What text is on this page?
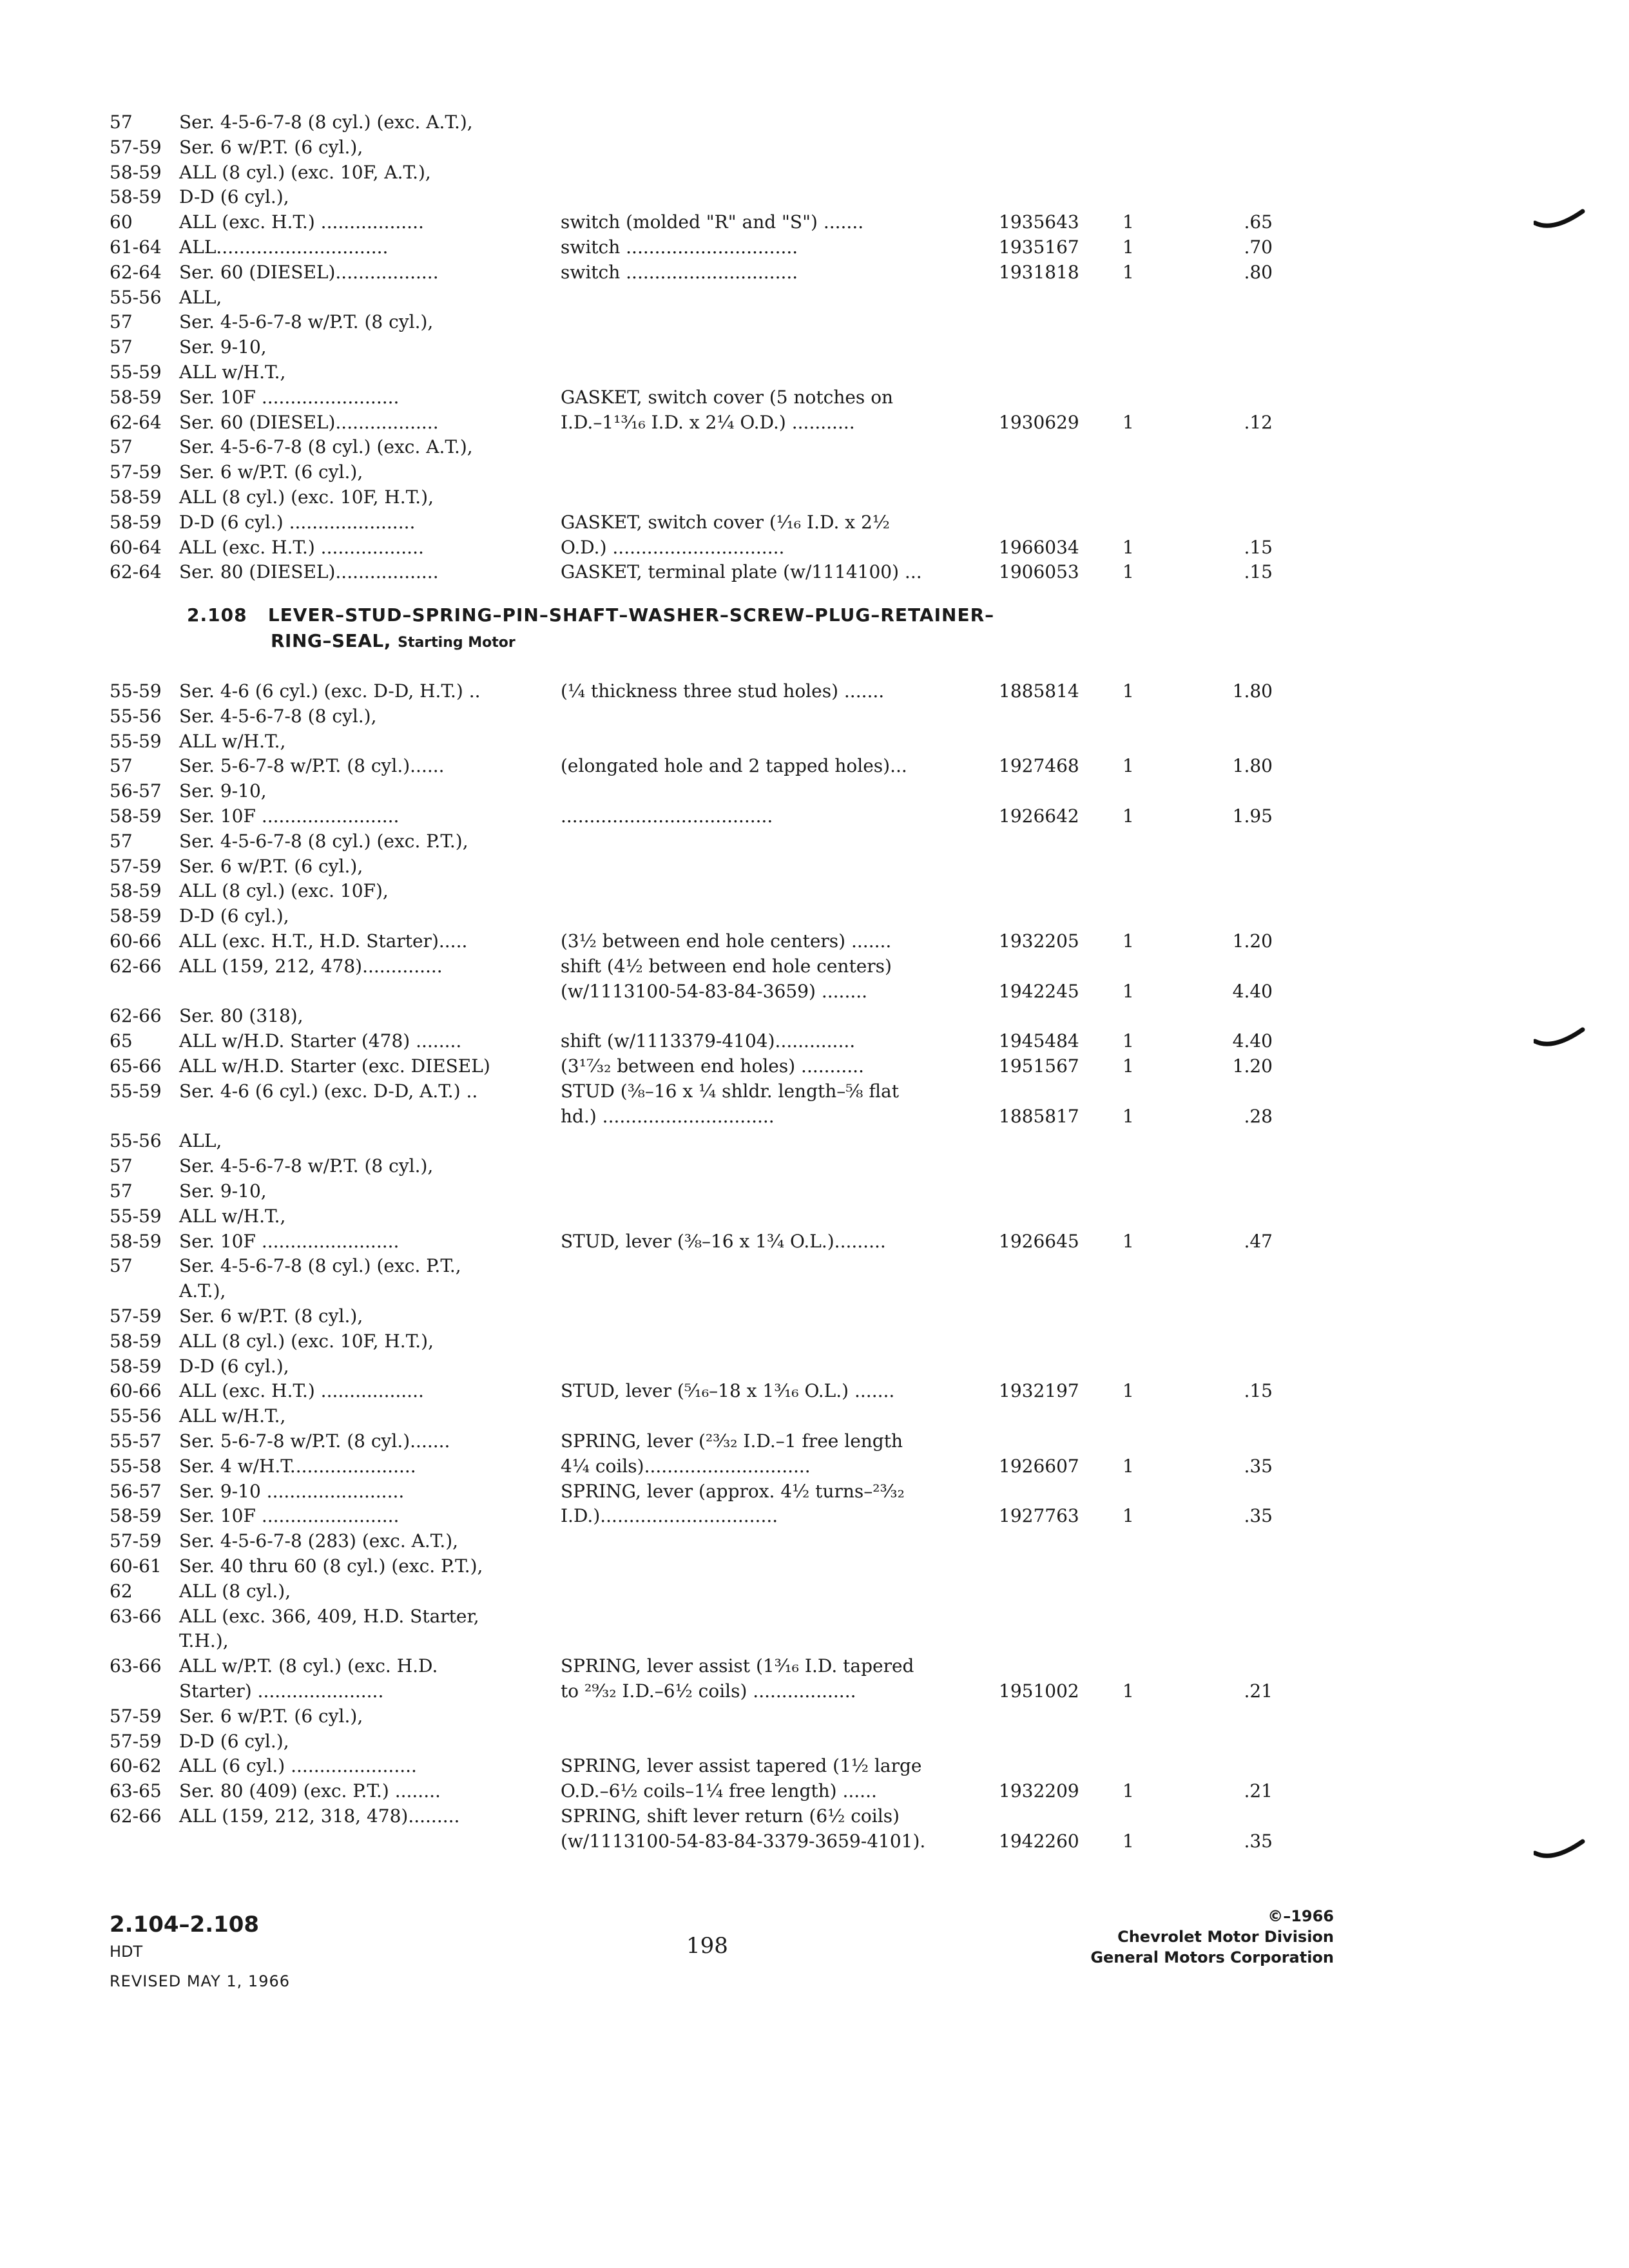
57	Ser. 4-5-6-7-8 (8 cyl.) (exc. A.T.),
57-59 Ser. 6 w/P.T. (6 cyl.),
58-59 ALL (8 cyl.) (exc. 10F, A.T.),
58-59 D-D (6 cyl.),
60	ALL (exc. H.T.) ..................	switch (molded "R" and "S") .......	1935643 1	.65
61-64 ALL..............................	switch ..............................	1935167 1	.70
62-64 Ser. 60 (DIESEL)..................	switch ..............................	1931818 1	.80
55-56 ALL,
57	Ser. 4-5-6-7-8 w/P.T. (8 cyl.),
57	Ser. 9-10,
55-59 ALL w/H.T.,
58-59 Ser. 10F ........................	GASKET, switch cover (5 notches on
62-64 Ser. 60 (DIESEL)..................	I.D.–1¹³⁄₁₆ I.D. x 2¼ O.D.) ...........	1930629 1	.12
57	Ser. 4-5-6-7-8 (8 cyl.) (exc. A.T.),
57-59 Ser. 6 w/P.T. (6 cyl.),
58-59 ALL (8 cyl.) (exc. 10F, H.T.),
58-59 D-D (6 cyl.) ......................	GASKET, switch cover (¹⁄₁₆ I.D. x 2½
60-64 ALL (exc. H.T.) ..................	O.D.) ..............................	1966034 1	.15
62-64 Ser. 80 (DIESEL)..................	GASKET, terminal plate (w/1114100) ...	1906053 1	.15
55-59 Ser. 4-6 (6 cyl.) (exc. D-D, H.T.) ..	(¼ thickness three stud holes) .......	1885814 1	1.80
55-56 Ser. 4-5-6-7-8 (8 cyl.),
55-59 ALL w/H.T.,
57	Ser. 5-6-7-8 w/P.T. (8 cyl.)......	(elongated hole and 2 tapped holes)...	1927468 1	1.80
56-57 Ser. 9-10,
58-59 Ser. 10F ........................	.....................................	1926642 1	1.95
57	Ser. 4-5-6-7-8 (8 cyl.) (exc. P.T.),
57-59 Ser. 6 w/P.T. (6 cyl.),
58-59 ALL (8 cyl.) (exc. 10F),
58-59 D-D (6 cyl.),
60-66 ALL (exc. H.T., H.D. Starter).....	(3½ between end hole centers) .......	1932205 1	1.20
62-66 ALL (159, 212, 478)..............	shift (4½ between end hole centers)
(w/1113100-54-83-84-3659) ........	1942245 1	4.40
62-66 Ser. 80 (318),
65	ALL w/H.D. Starter (478) ........	shift (w/1113379-4104)..............	1945484 1	4.40
65-66 ALL w/H.D. Starter (exc. DIESEL)	(3¹⁷⁄₃₂ between end holes) ...........	1951567 1	1.20
55-59 Ser. 4-6 (6 cyl.) (exc. D-D, A.T.) ..	STUD (⅜–16 x ¼ shldr. length–⅝ flat
hd.) ..............................	1885817 1	.28
55-56 ALL,
57	Ser. 4-5-6-7-8 w/P.T. (8 cyl.),
57	Ser. 9-10,
55-59 ALL w/H.T.,
58-59 Ser. 10F ........................	STUD, lever (⅜–16 x 1¾ O.L.).........	1926645 1	.47
57	Ser. 4-5-6-7-8 (8 cyl.) (exc. P.T.,
A.T.),
57-59 Ser. 6 w/P.T. (8 cyl.),
58-59 ALL (8 cyl.) (exc. 10F, H.T.),
58-59 D-D (6 cyl.),
60-66 ALL (exc. H.T.) ..................	STUD, lever (⁵⁄₁₆–18 x 1³⁄₁₆ O.L.) .......	1932197 1	.15
55-56 ALL w/H.T.,
55-57 Ser. 5-6-7-8 w/P.T. (8 cyl.).......	SPRING, lever (²³⁄₃₂ I.D.–1 free length
55-58 Ser. 4 w/H.T......................	4¼ coils).............................	1926607 1	.35
56-57 Ser. 9-10 ........................	SPRING, lever (approx. 4½ turns–²³⁄₃₂
58-59 Ser. 10F ........................	I.D.)...............................	1927763 1	.35
57-59 Ser. 4-5-6-7-8 (283) (exc. A.T.),
60-61 Ser. 40 thru 60 (8 cyl.) (exc. P.T.),
62	ALL (8 cyl.),
63-66 ALL (exc. 366, 409, H.D. Starter,
T.H.),
63-66 ALL w/P.T. (8 cyl.) (exc. H.D.	SPRING, lever assist (1³⁄₁₆ I.D. tapered
Starter) ......................	to ²⁹⁄₃₂ I.D.–6½ coils) ..................	1951002 1	.21
57-59 Ser. 6 w/P.T. (6 cyl.),
57-59 D-D (6 cyl.),
60-62 ALL (6 cyl.) ......................	SPRING, lever assist tapered (1½ large
63-65 Ser. 80 (409) (exc. P.T.) ........	O.D.–6½ coils–1¼ free length) ......	1932209 1	.21
62-66 ALL (159, 212, 318, 478).........	SPRING, shift lever return (6½ coils)
(w/1113100-54-83-84-3379-3659-4101).	1942260 1	.35
2.108 LEVER–STUD–SPRING–PIN–SHAFT–WASHER–SCREW–PLUG–RETAINER–
RING–SEAL, Starting Motor
2.104–2.108
HDT
REVISED MAY 1, 1966
198
©–1966
Chevrolet Motor Division
General Motors Corporation
